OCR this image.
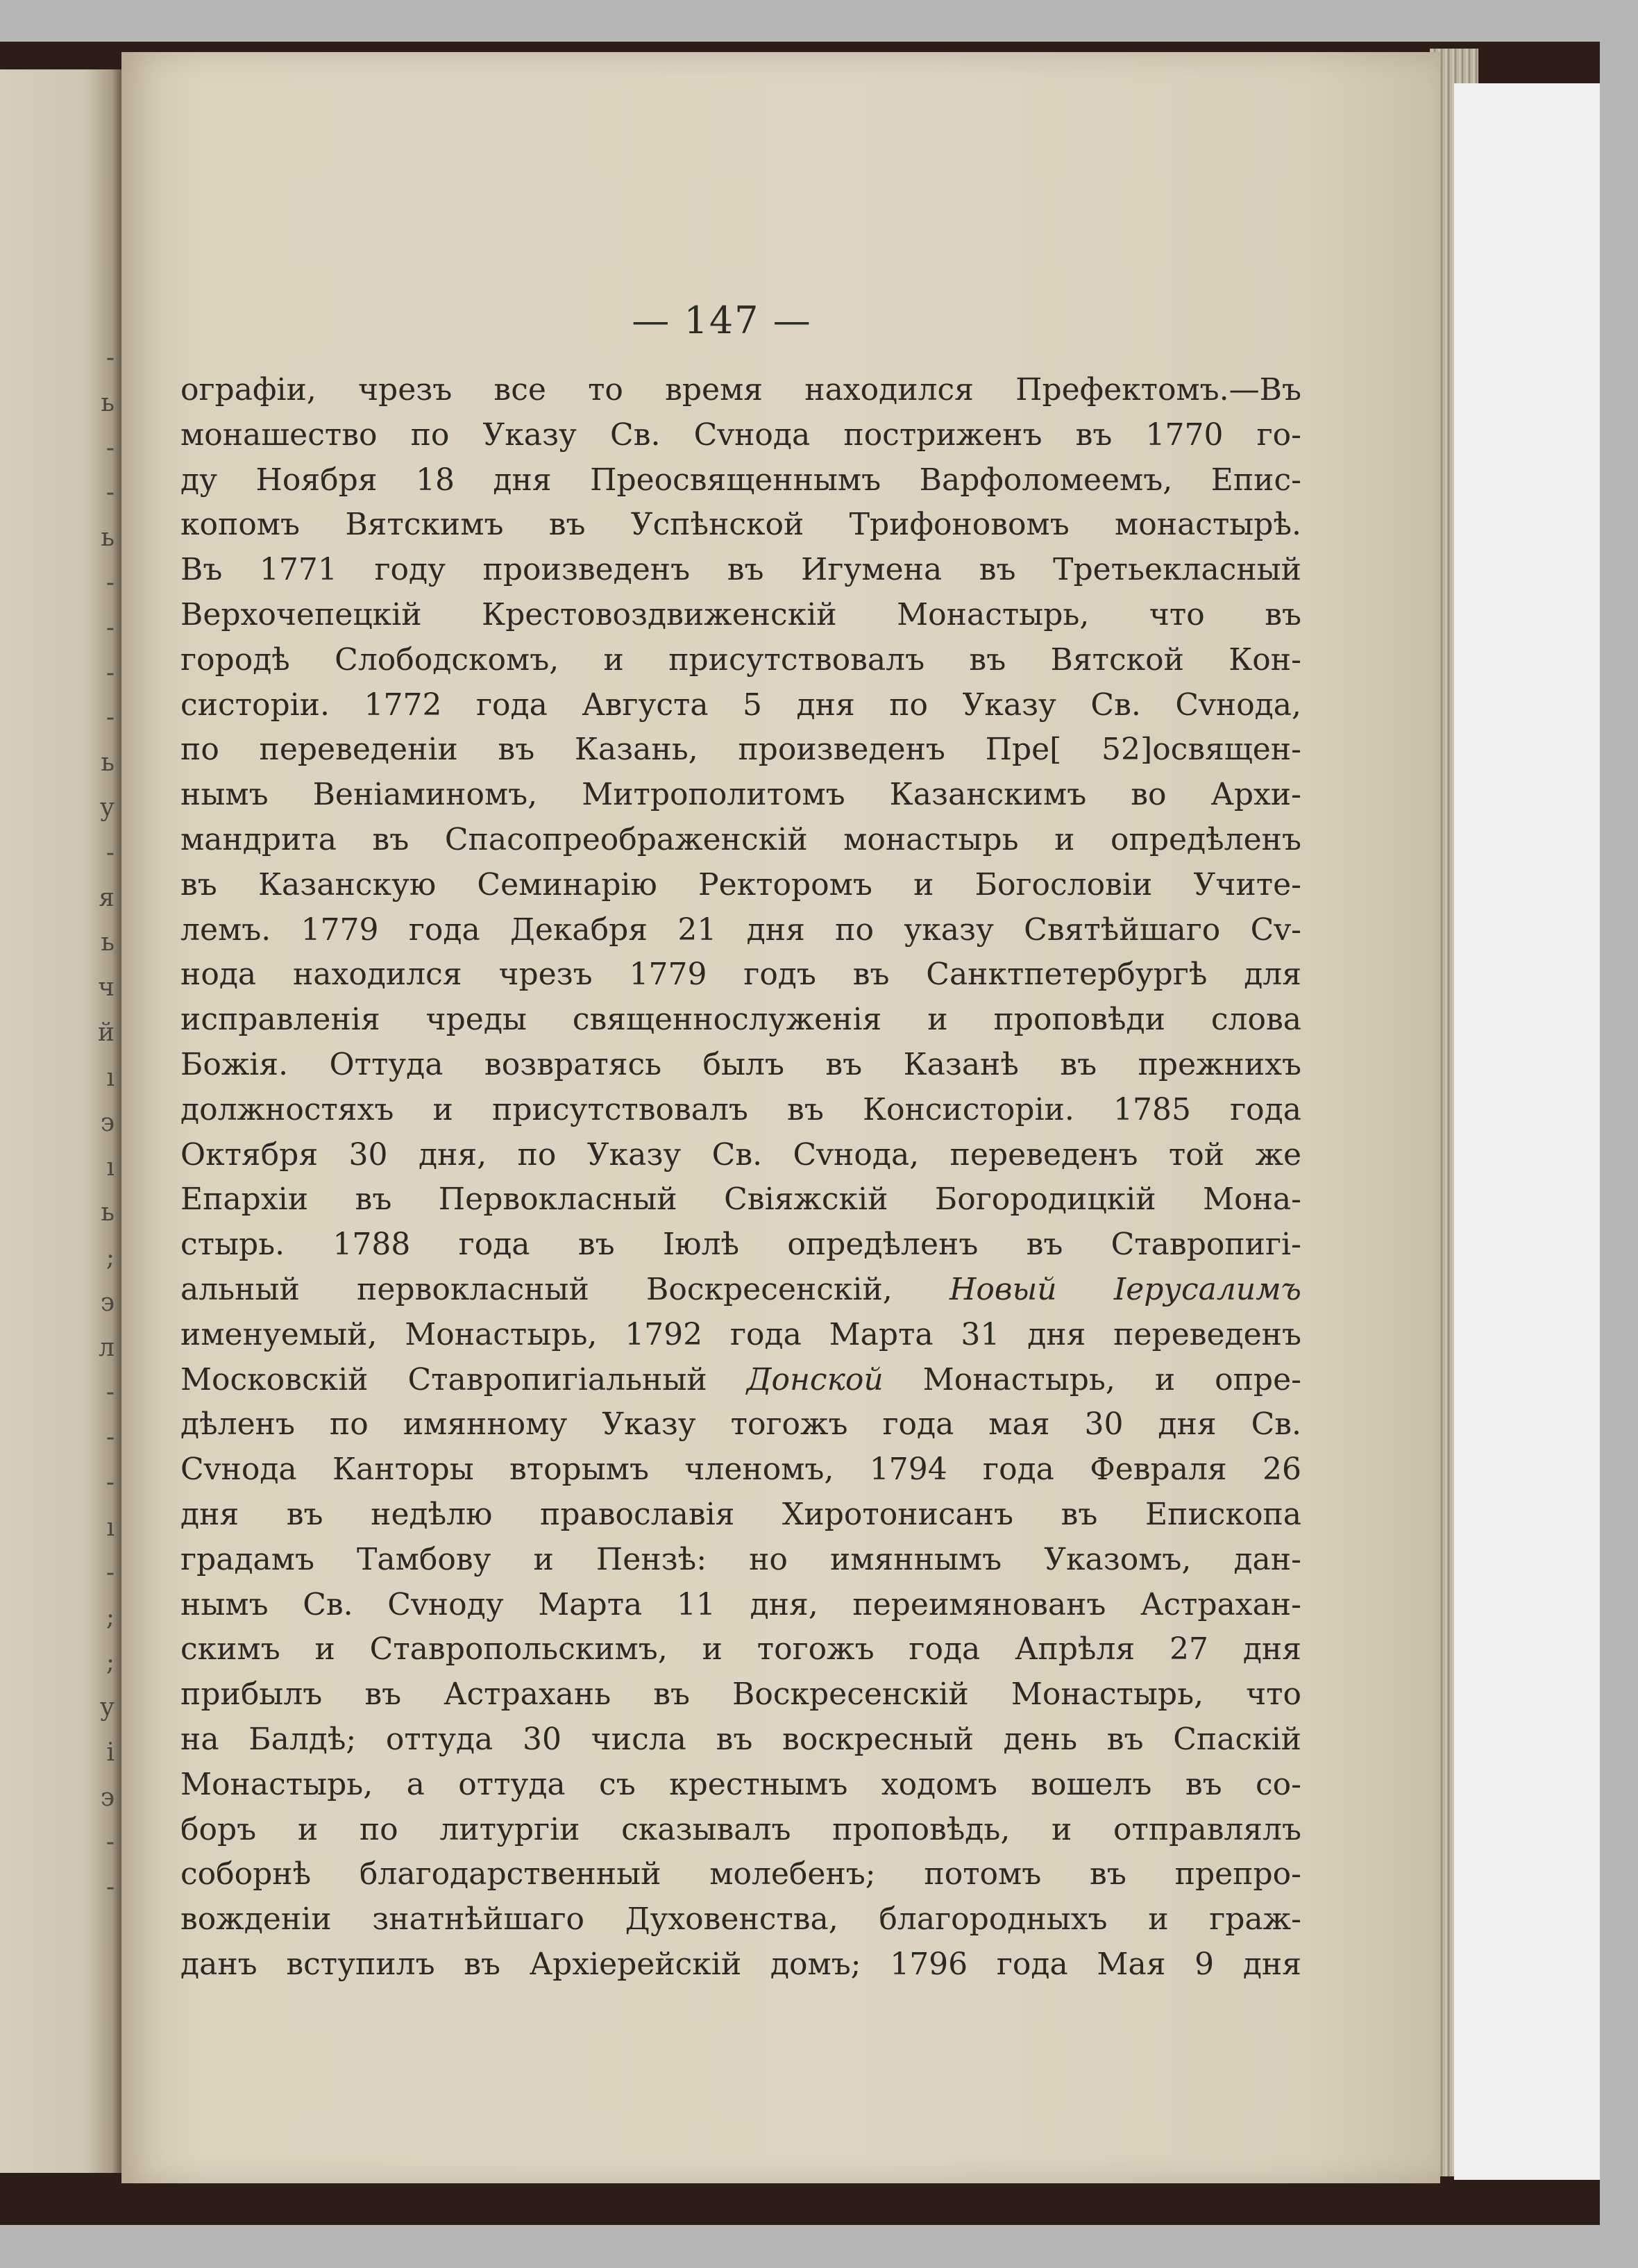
-
ь
-
-
ь
-
-
-
-
ь
у
-
я
ь
ч
й
ı
э
ı
ь
;
э
л
-
-
-
ı
-
;
;
у
і
э
-
-
— 147 —
ографіи, чрезъ все то время находился Префектомъ.—Въ
монашество по Указу Св. Сvнода постриженъ въ 1770 го-
ду Ноября 18 дня Преосвященнымъ Варфоломеемъ, Епис-
копомъ Вятскимъ въ Успѣнской Трифоновомъ монастырѣ.
Въ 1771 году произведенъ въ Игумена въ Третьекласный
Верхочепецкій Крестовоздвиженскій Монастырь, что въ
городѣ Слободскомъ, и присутствовалъ въ Вятской Кон-
систоріи. 1772 года Августа 5 дня по Указу Св. Сvнода,
по переведеніи въ Казань, произведенъ Пре[ 52]освящен-
нымъ Веніаминомъ, Митрополитомъ Казанскимъ во Архи-
мандрита въ Спасопреображенскій монастырь и опредѣленъ
въ Казанскую Семинарію Ректоромъ и Богословіи Учите-
лемъ. 1779 года Декабря 21 дня по указу Святѣйшаго Сv-
нода находился чрезъ 1779 годъ въ Санктпетербургѣ для
исправленія чреды священнослуженія и проповѣди слова
Божія. Оттуда возвратясь былъ въ Казанѣ въ прежнихъ
должностяхъ и присутствовалъ въ Консисторіи. 1785 года
Октября 30 дня, по Указу Св. Сvнода, переведенъ той же
Епархіи въ Первокласный Свіяжскій Богородицкій Мона-
стырь. 1788 года въ Іюлѣ опредѣленъ въ Ставропигі-
альный первокласный Воскресенскій, Новый Іерусалимъ
именуемый, Монастырь, 1792 года Марта 31 дня переведенъ
Московскій Ставропигіальный Донской Монастырь, и опре-
дѣленъ по имянному Указу тогожъ года мая 30 дня Св.
Сvнода Канторы вторымъ членомъ, 1794 года Февраля 26
дня въ недѣлю православія Хиротонисанъ въ Епископа
градамъ Тамбову и Пензѣ: но имяннымъ Указомъ, дан-
нымъ Св. Сvноду Марта 11 дня, переимянованъ Астрахан-
скимъ и Ставропольскимъ, и тогожъ года Апрѣля 27 дня
прибылъ въ Астрахань въ Воскресенскій Монастырь, что
на Балдѣ; оттуда 30 числа въ воскресный день въ Спаскій
Монастырь, а оттуда съ крестнымъ ходомъ вошелъ въ со-
боръ и по литургіи сказывалъ проповѣдь, и отправлялъ
соборнѣ благодарственный молебенъ; потомъ въ препро-
вожденіи знатнѣйшаго Духовенства, благородныхъ и граж-
данъ вступилъ въ Архіерейскій домъ; 1796 года Мая 9 дня
